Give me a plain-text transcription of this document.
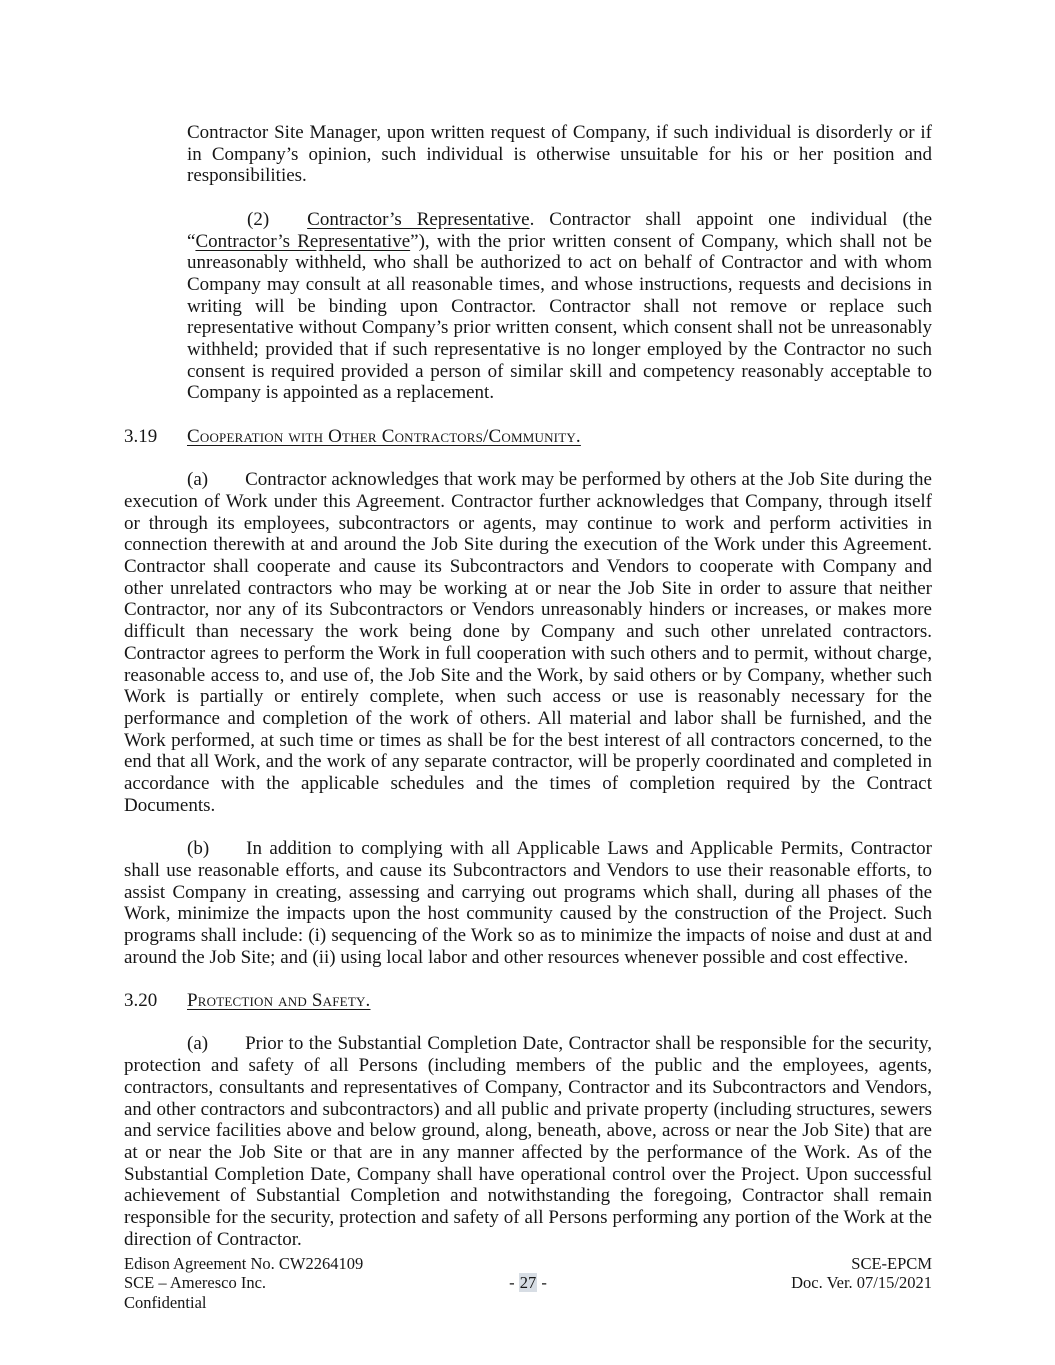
Contractor Site Manager, upon written request of Company, if such individual is disorderly or if in Company’s opinion, such individual is otherwise unsuitable for his or her position and responsibilities.

(2) Contractor’s Representative. Contractor shall appoint one individual (the “Contractor’s Representative”), with the prior written consent of Company, which shall not be unreasonably withheld, who shall be authorized to act on behalf of Contractor and with whom Company may consult at all reasonable times, and whose instructions, requests and decisions in writing will be binding upon Contractor. Contractor shall not remove or replace such representative without Company’s prior written consent, which consent shall not be unreasonably withheld; provided that if such representative is no longer employed by the Contractor no such consent is required provided a person of similar skill and competency reasonably acceptable to Company is appointed as a replacement.

3.19 Cooperation with Other Contractors/Community.

(a) Contractor acknowledges that work may be performed by others at the Job Site during the execution of Work under this Agreement. Contractor further acknowledges that Company, through itself or through its employees, subcontractors or agents, may continue to work and perform activities in connection therewith at and around the Job Site during the execution of the Work under this Agreement. Contractor shall cooperate and cause its Subcontractors and Vendors to cooperate with Company and other unrelated contractors who may be working at or near the Job Site in order to assure that neither Contractor, nor any of its Subcontractors or Vendors unreasonably hinders or increases, or makes more difficult than necessary the work being done by Company and such other unrelated contractors. Contractor agrees to perform the Work in full cooperation with such others and to permit, without charge, reasonable access to, and use of, the Job Site and the Work, by said others or by Company, whether such Work is partially or entirely complete, when such access or use is reasonably necessary for the performance and completion of the work of others. All material and labor shall be furnished, and the Work performed, at such time or times as shall be for the best interest of all contractors concerned, to the end that all Work, and the work of any separate contractor, will be properly coordinated and completed in accordance with the applicable schedules and the times of completion required by the Contract Documents.

(b) In addition to complying with all Applicable Laws and Applicable Permits, Contractor shall use reasonable efforts, and cause its Subcontractors and Vendors to use their reasonable efforts, to assist Company in creating, assessing and carrying out programs which shall, during all phases of the Work, minimize the impacts upon the host community caused by the construction of the Project. Such programs shall include: (i) sequencing of the Work so as to minimize the impacts of noise and dust at and around the Job Site; and (ii) using local labor and other resources whenever possible and cost effective.

3.20 Protection and Safety.

(a) Prior to the Substantial Completion Date, Contractor shall be responsible for the security, protection and safety of all Persons (including members of the public and the employees, agents, contractors, consultants and representatives of Company, Contractor and its Subcontractors and Vendors, and other contractors and subcontractors) and all public and private property (including structures, sewers and service facilities above and below ground, along, beneath, above, across or near the Job Site) that are at or near the Job Site or that are in any manner affected by the performance of the Work. As of the Substantial Completion Date, Company shall have operational control over the Project. Upon successful achievement of Substantial Completion and notwithstanding the foregoing, Contractor shall remain responsible for the security, protection and safety of all Persons performing any portion of the Work at the direction of Contractor.

Edison Agreement No. CW2264109
SCE – Ameresco Inc.
Confidential
- 27 -
SCE-EPCM
Doc. Ver. 07/15/2021
